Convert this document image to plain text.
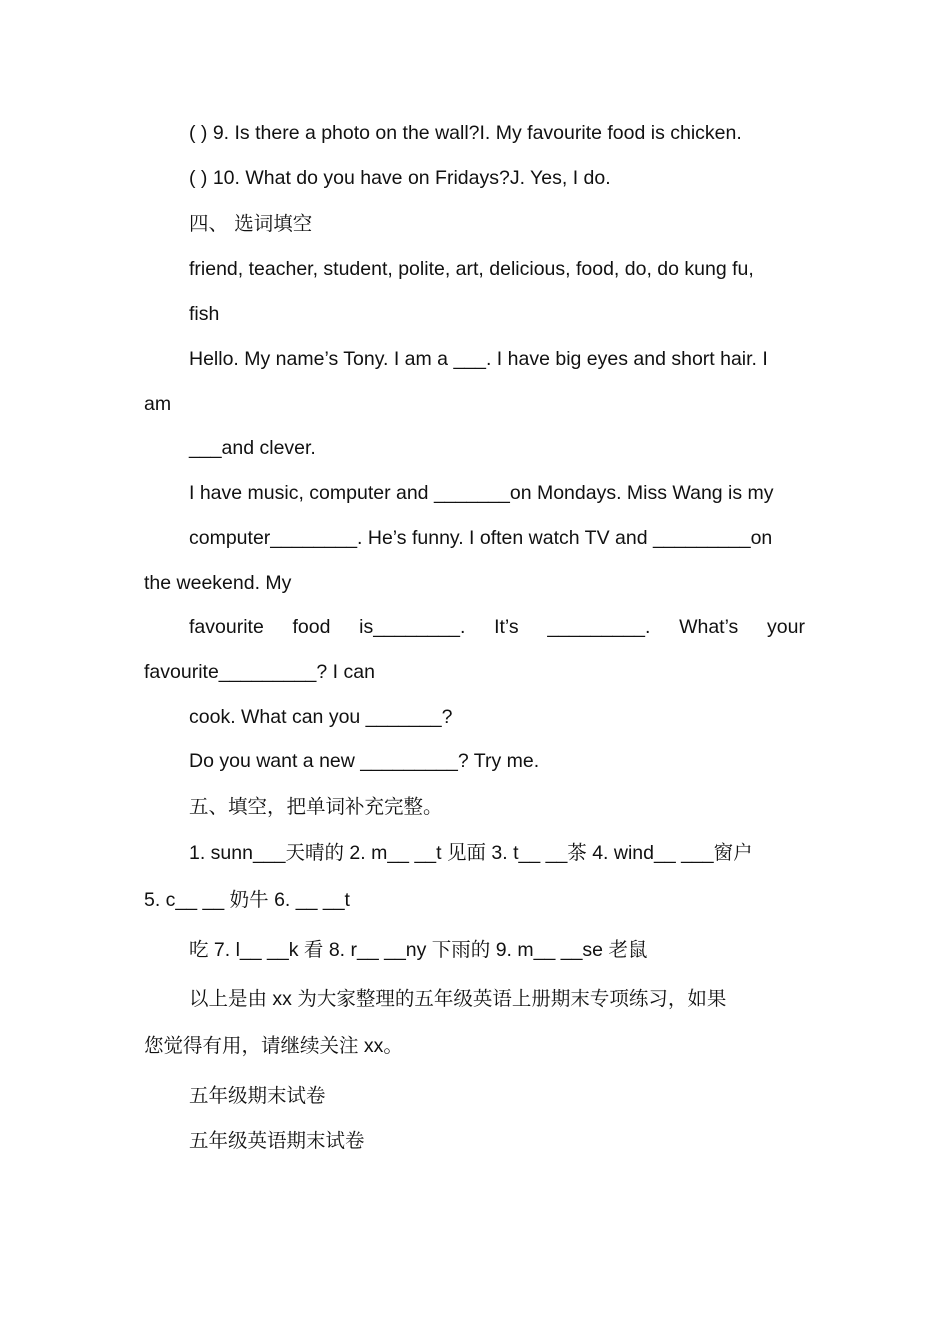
( ) 9. Is there a photo on the wall?I. My favourite food is chicken.
( ) 10. What do you have on Fridays?J. Yes, I do.
四、 选词填空
friend, teacher, student, polite, art, delicious, food, do, do kung fu,
fish
Hello. My name’s Tony. I am a ___. I have big eyes and short hair. I
am
___and clever.
I have music, computer and _______on Mondays. Miss Wang is my
computer________. He’s funny. I often watch TV and _________on
the weekend. My
favourite food is________. It’s _________. What’s your
favourite_________? I can
cook. What can you _______?
Do you want a new _________? Try me.
五、填空，把单词补充完整。
1. sunn___天晴的 2. m__ __t 见面 3. t__ __茶 4. wind__ ___窗户
5. c__ __ 奶牛 6. __ __t
吃 7. l__ __k 看 8. r__ __ny 下雨的 9. m__ __se 老鼠
以上是由 xx 为大家整理的五年级英语上册期末专项练习，如果
您觉得有用，请继续关注 xx。
五年级期末试卷
五年级英语期末试卷
